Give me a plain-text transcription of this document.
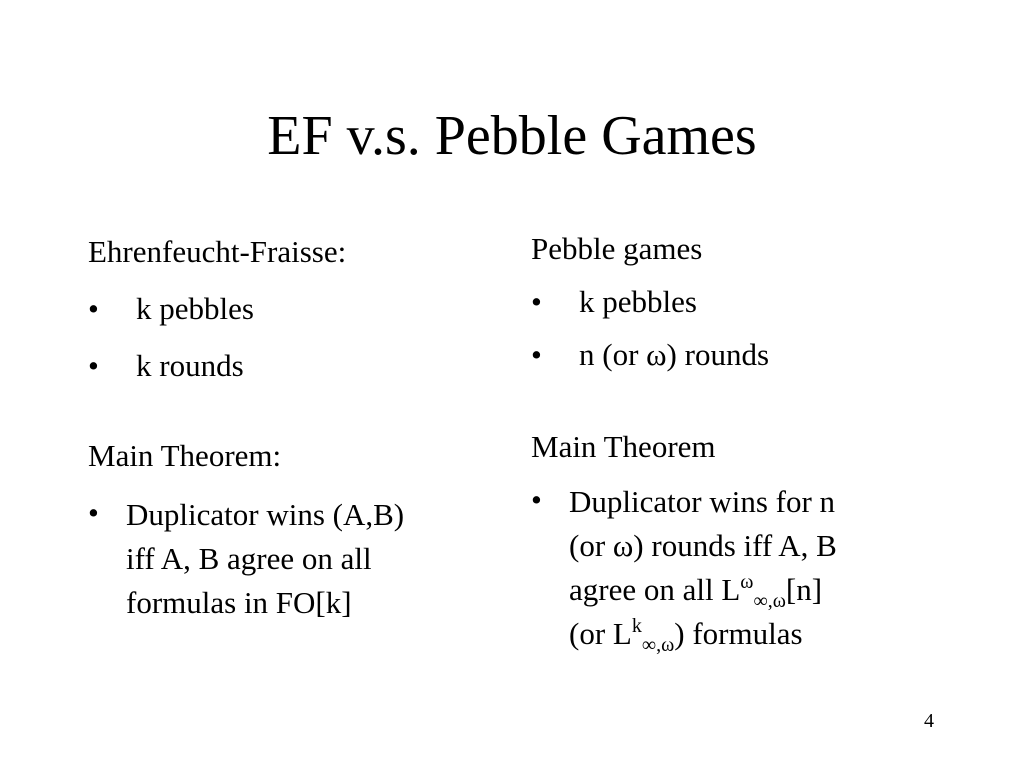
EF v.s. Pebble Games
Ehrenfeucht-Fraisse:
• k pebbles
• k rounds
Main Theorem:
• Duplicator wins (A,B)
iff A, B agree on all
formulas in FO[k]
Pebble games
• k pebbles
• n (or ω) rounds
Main Theorem
• Duplicator wins for n
(or ω) rounds iff A, B
agree on all $L^\omega_{\infty,\omega}[n]$
(or $L^k_{\infty,\omega}$) formulas
4
